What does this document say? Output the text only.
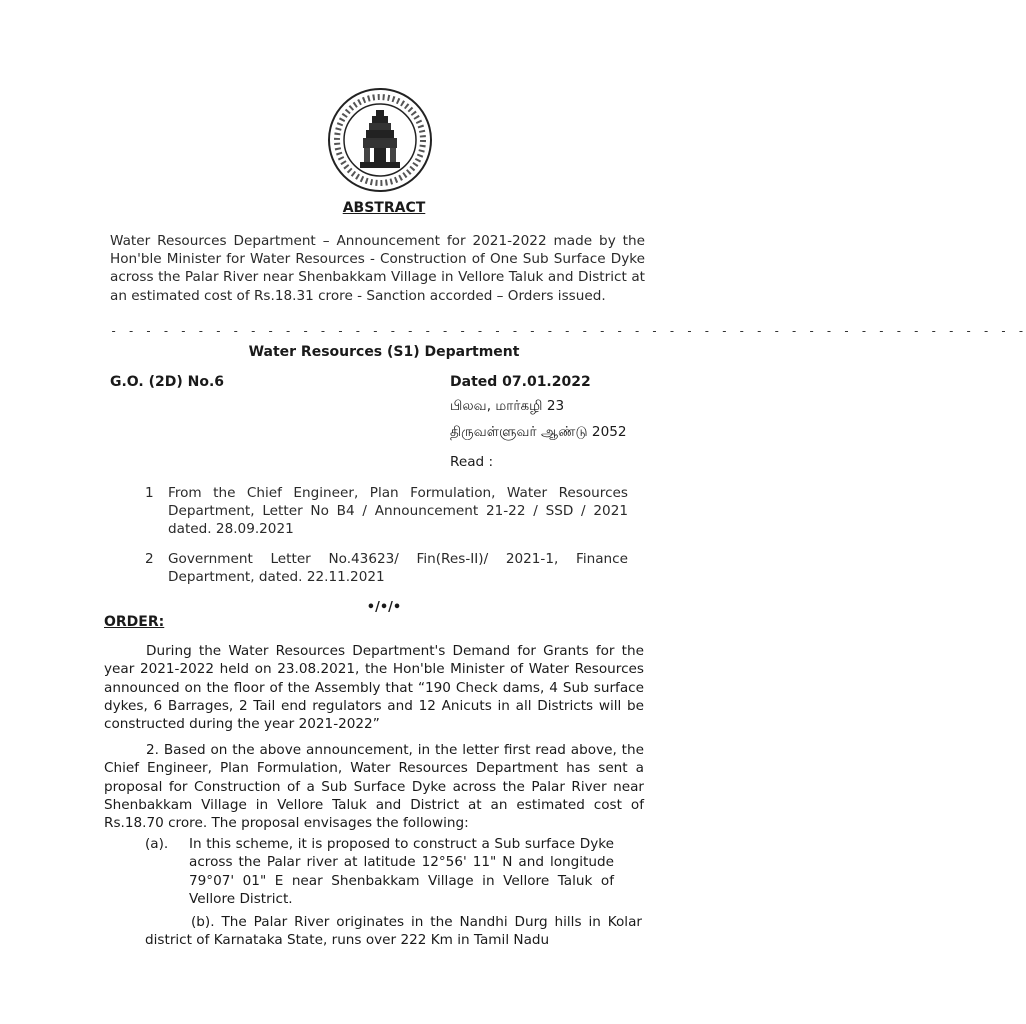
ABSTRACT
Water Resources Department – Announcement for 2021-2022 made by the Hon'ble Minister for Water Resources - Construction of One Sub Surface Dyke across the Palar River near Shenbakkam Village in Vellore Taluk and District at an estimated cost of Rs.18.31 crore - Sanction accorded – Orders issued.
- - - - - - - - - - - - - - - - - - - - - - - - - - - - - - - - - - - - - - - - - - - - - - - - - - - - -
Water Resources (S1) Department
G.O. (2D) No.6	Dated 07.01.2022
பிலவ, மார்கழி 23
திருவள்ளுவர் ஆண்டு 2052
Read :
1 From the Chief Engineer, Plan Formulation, Water Resources Department, Letter No B4 / Announcement 21-22 / SSD / 2021 dated. 28.09.2021
2 Government Letter No.43623/ Fin(Res-II)/ 2021-1, Finance Department, dated. 22.11.2021
•/•/•
ORDER:
During the Water Resources Department's Demand for Grants for the year 2021-2022 held on 23.08.2021, the Hon'ble Minister of Water Resources announced on the floor of the Assembly that “190 Check dams, 4 Sub surface dykes, 6 Barrages, 2 Tail end regulators and 12 Anicuts in all Districts will be constructed during the year 2021-2022”
2. Based on the above announcement, in the letter first read above, the Chief Engineer, Plan Formulation, Water Resources Department has sent a proposal for Construction of a Sub Surface Dyke across the Palar River near Shenbakkam Village in Vellore Taluk and District at an estimated cost of Rs.18.70 crore. The proposal envisages the following:
(a). In this scheme, it is proposed to construct a Sub surface Dyke across the Palar river at latitude 12°56' 11" N and longitude 79°07' 01" E near Shenbakkam Village in Vellore Taluk of Vellore District.
(b). The Palar River originates in the Nandhi Durg hills in Kolar district of Karnataka State, runs over 222 Km in Tamil Nadu
